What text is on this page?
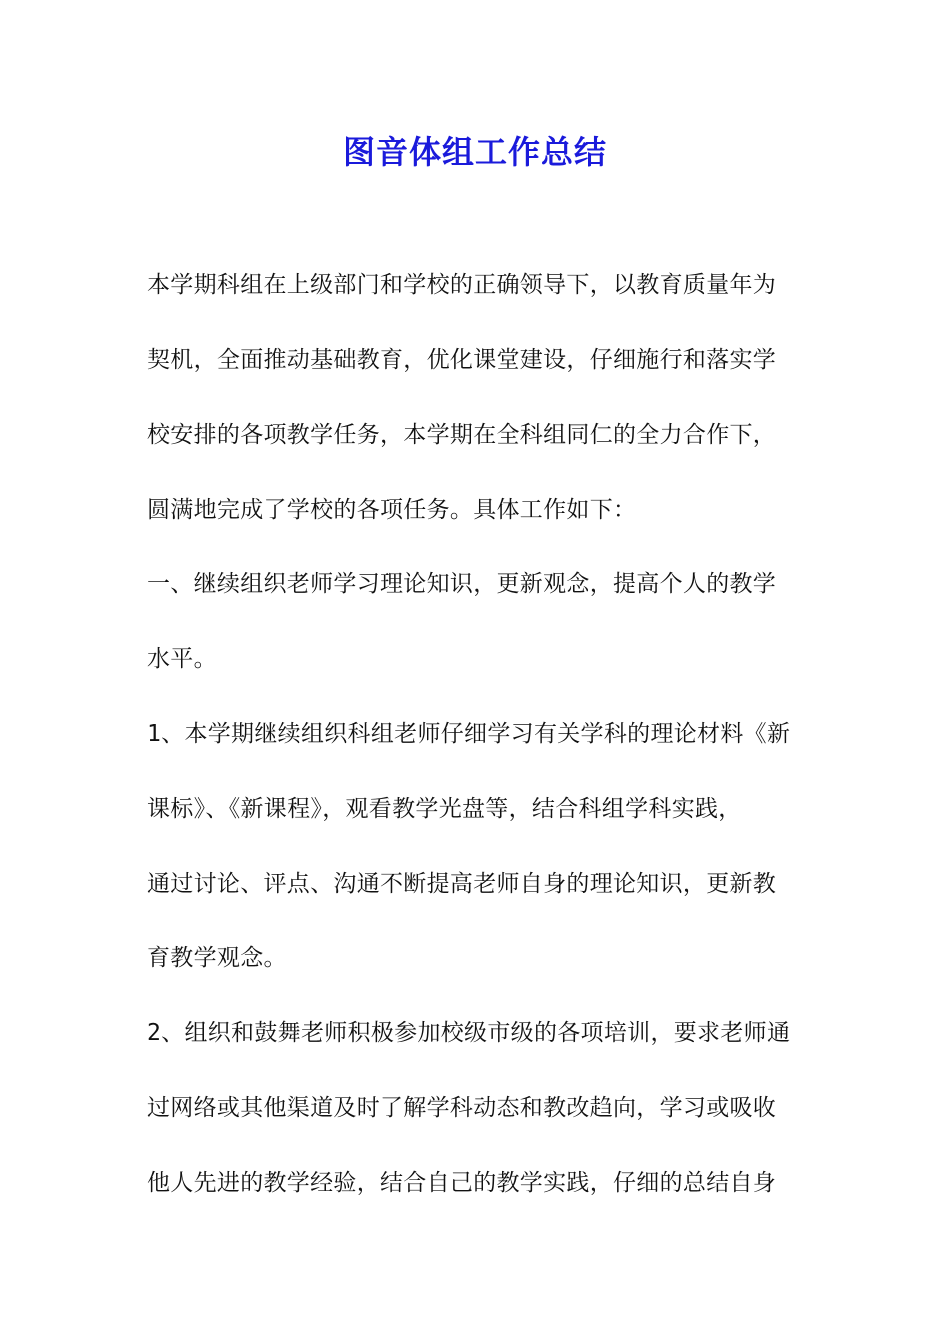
图音体组工作总结
本学期科组在上级部门和学校的正确领导下，以教育质量年为
契机，全面推动基础教育，优化课堂建设，仔细施行和落实学
校安排的各项教学任务，本学期在全科组同仁的全力合作下，
圆满地完成了学校的各项任务。具体工作如下：
一、继续组织老师学习理论知识，更新观念，提高个人的教学
水平。
1、本学期继续组织科组老师仔细学习有关学科的理论材料《新
课标》、《新课程》，观看教学光盘等，结合科组学科实践，
通过讨论、评点、沟通不断提高老师自身的理论知识，更新教
育教学观念。
2、组织和鼓舞老师积极参加校级市级的各项培训，要求老师通
过网络或其他渠道及时了解学科动态和教改趋向，学习或吸收
他人先进的教学经验，结合自己的教学实践，仔细的总结自身
